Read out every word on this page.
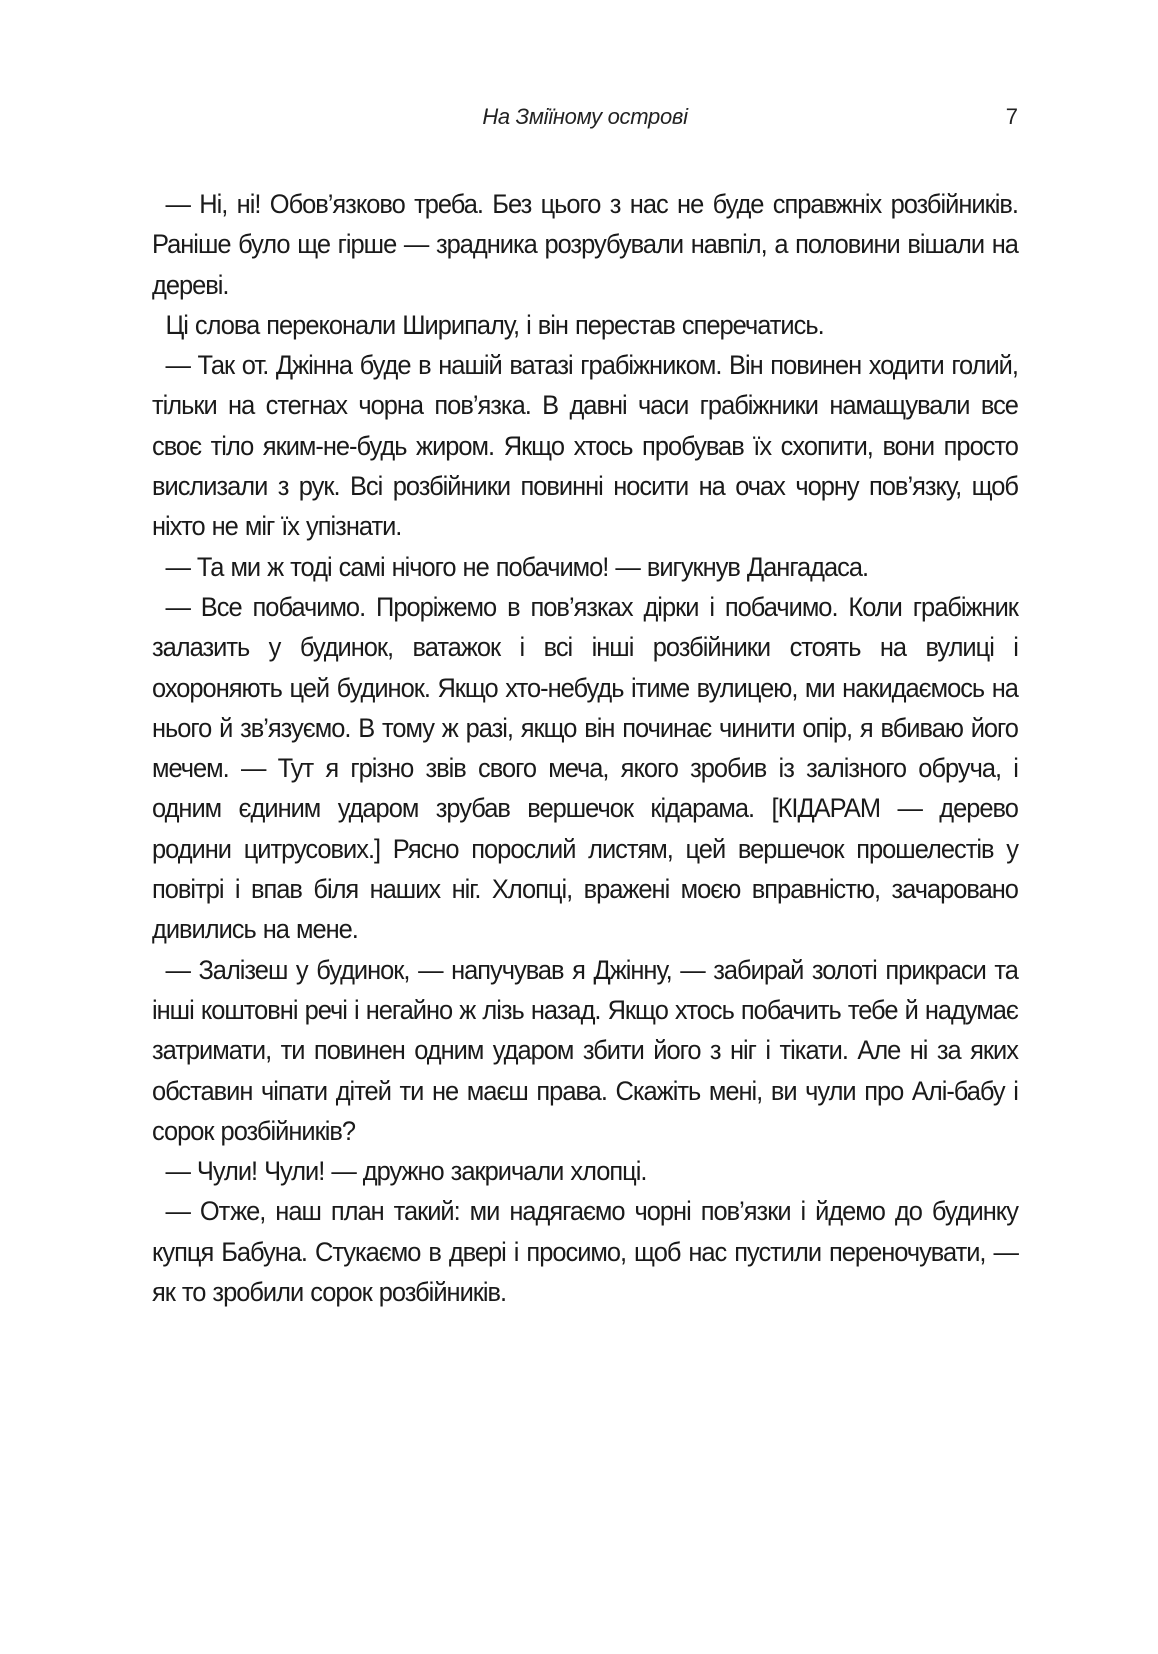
На Зміїному острові	7

— Ні, ні! Обов’язково треба. Без цього з нас не буде справжніх розбійників. Раніше було ще гірше — зрадника розрубували навпіл, а половини вішали на дереві.

Ці слова переконали Ширипалу, і він перестав сперечатись.

— Так от. Джінна буде в нашій ватазі грабіжником. Він повинен ходити голий, тільки на стегнах чорна пов’язка. В давні часи грабіжники намащували все своє тіло яким-не-будь жиром. Якщо хтось пробував їх схопити, вони просто вислизали з рук. Всі розбійники повинні носити на очах чорну пов’язку, щоб ніхто не міг їх упізнати.

— Та ми ж тоді самі нічого не побачимо! — вигукнув Дангадаса.

— Все побачимо. Проріжемо в пов’язках дірки і побачимо. Коли грабіжник залазить у будинок, ватажок і всі інші розбійники стоять на вулиці і охороняють цей будинок. Якщо хто-небудь ітиме вулицею, ми накидаємось на нього й зв’язуємо. В тому ж разі, якщо він починає чинити опір, я вбиваю його мечем. — Тут я грізно звів свого меча, якого зробив із залізного обруча, і одним єдиним ударом зрубав вершечок кідарама. [КІДАРАМ — дерево родини цитрусових.] Рясно порослий листям, цей вершечок прошелестів у повітрі і впав біля наших ніг. Хлопці, вражені моєю вправністю, зачаровано дивились на мене.

— Залізеш у будинок, — напучував я Джінну, — забирай золоті прикраси та інші коштовні речі і негайно ж лізь назад. Якщо хтось побачить тебе й надумає затримати, ти повинен одним ударом збити його з ніг і тікати. Але ні за яких обставин чіпати дітей ти не маєш права. Скажіть мені, ви чули про Алі-бабу і сорок розбійників?

— Чули! Чули! — дружно закричали хлопці.

— Отже, наш план такий: ми надягаємо чорні пов’язки і йдемо до будинку купця Бабуна. Стукаємо в двері і просимо, щоб нас пустили переночувати, — як то зробили сорок розбійників.
